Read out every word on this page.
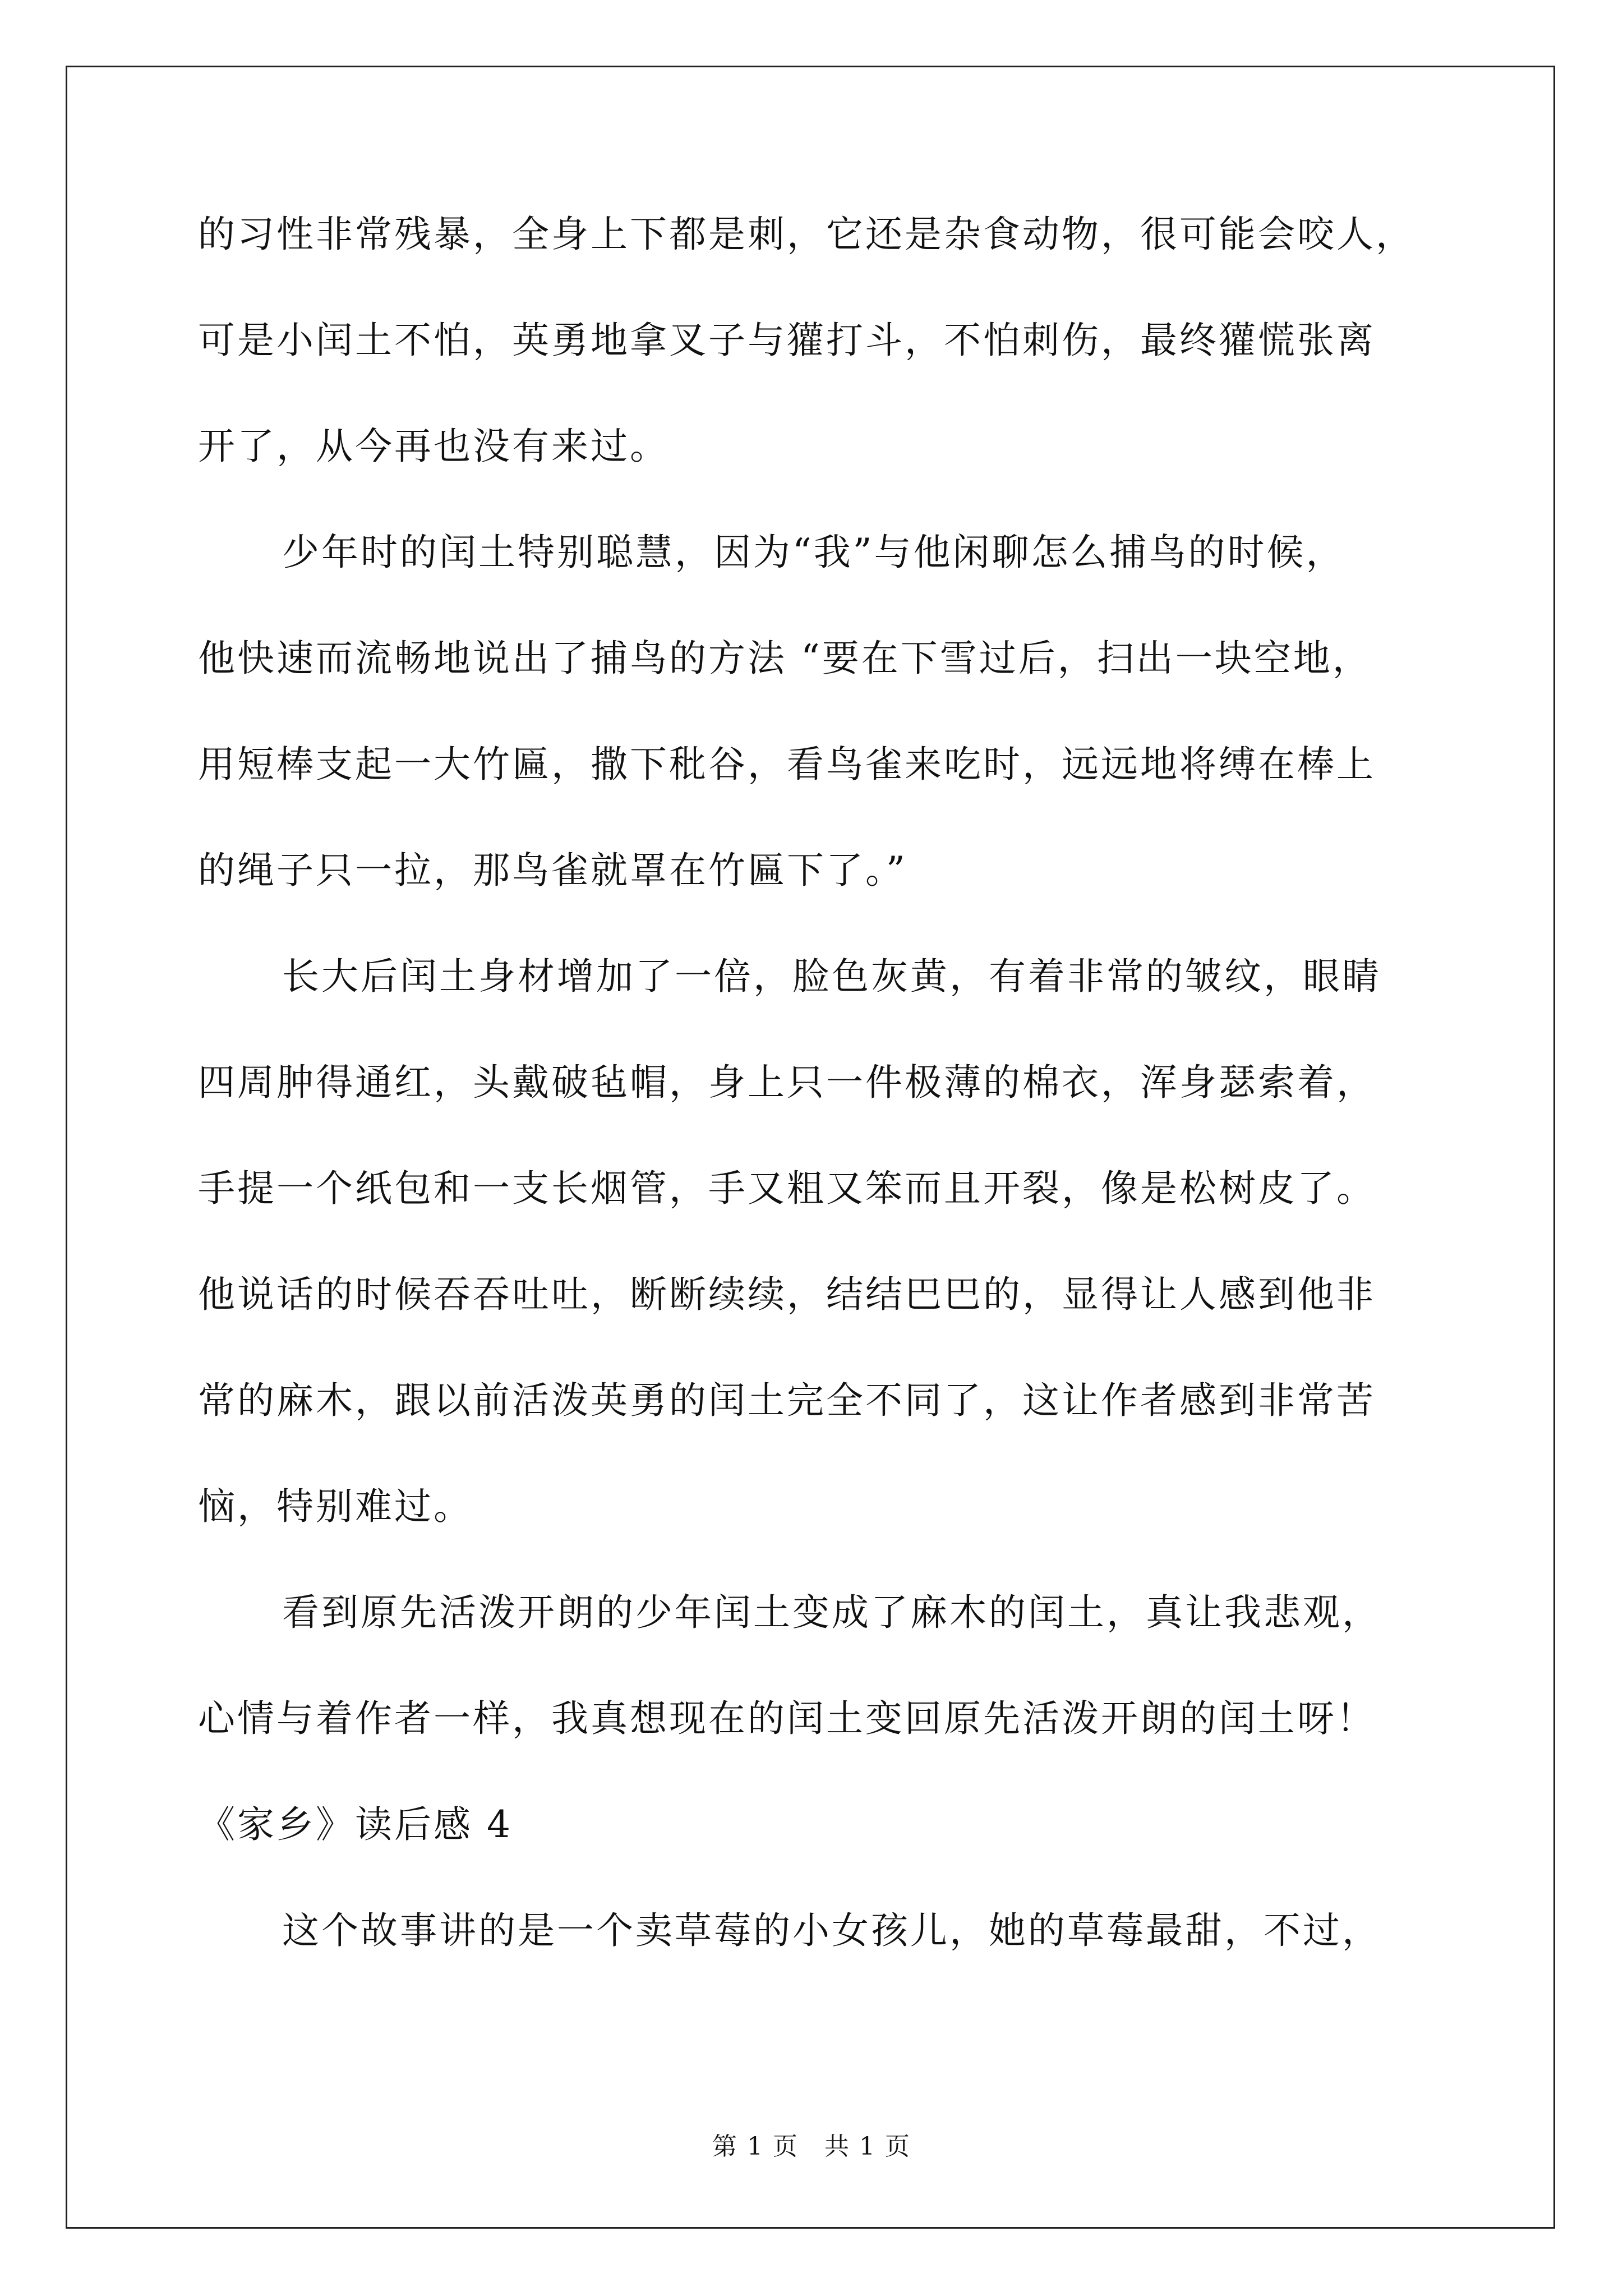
的习性非常残暴，全身上下都是刺，它还是杂食动物，很可能会咬人，
可是小闰土不怕，英勇地拿叉子与獾打斗，不怕刺伤，最终獾慌张离
开了，从今再也没有来过。
少年时的闰土特别聪慧，因为“我”与他闲聊怎么捕鸟的时候，
他快速而流畅地说出了捕鸟的方法 “要在下雪过后，扫出一块空地，
用短棒支起一大竹匾，撒下秕谷，看鸟雀来吃时，远远地将缚在棒上
的绳子只一拉，那鸟雀就罩在竹匾下了。”
长大后闰土身材增加了一倍，脸色灰黄，有着非常的皱纹，眼睛
四周肿得通红，头戴破毡帽，身上只一件极薄的棉衣，浑身瑟索着，
手提一个纸包和一支长烟管，手又粗又笨而且开裂，像是松树皮了。
他说话的时候吞吞吐吐，断断续续，结结巴巴的，显得让人感到他非
常的麻木，跟以前活泼英勇的闰土完全不同了，这让作者感到非常苦
恼，特别难过。
看到原先活泼开朗的少年闰土变成了麻木的闰土，真让我悲观，
心情与着作者一样，我真想现在的闰土变回原先活泼开朗的闰土呀！
《家乡》读后感 4
这个故事讲的是一个卖草莓的小女孩儿，她的草莓最甜，不过，
第 1 页　共 1 页
